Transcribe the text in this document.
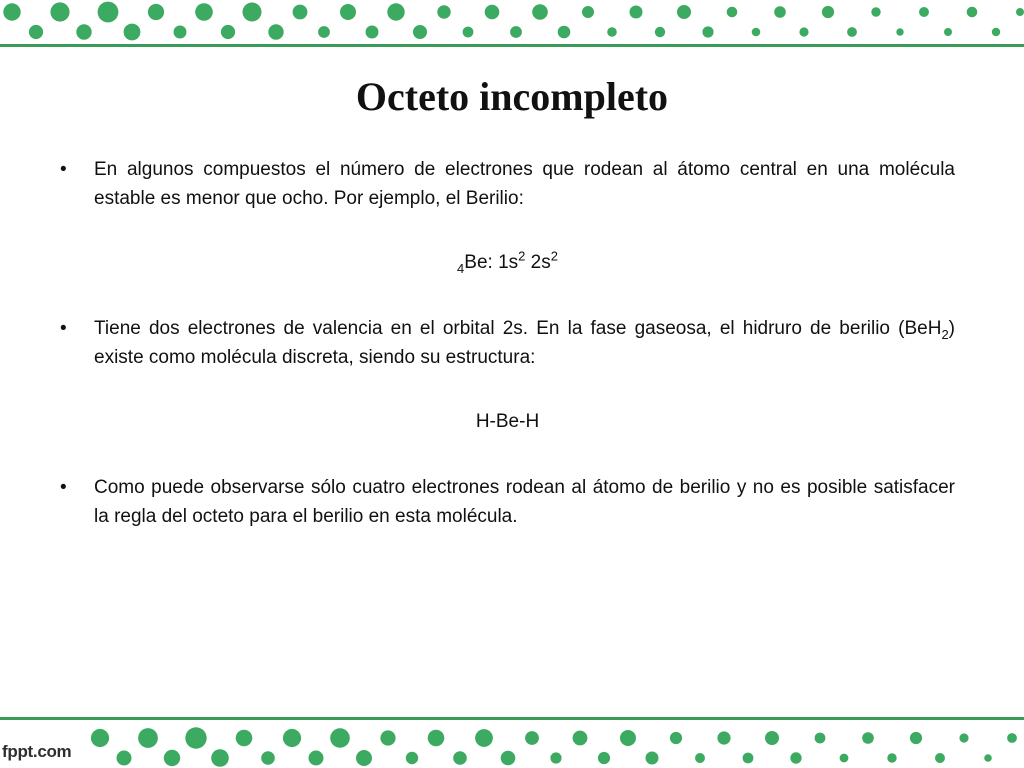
Octeto incompleto
• En algunos compuestos el número de electrones que rodean al átomo central en una molécula estable es menor que ocho. Por ejemplo, el Berilio:
$_4$Be: $1s^2$ $2s^2$
• Tiene dos electrones de valencia en el orbital 2s. En la fase gaseosa, el hidruro de berilio (BeH$_2$) existe como molécula discreta, siendo su estructura:
H-Be-H
• Como puede observarse sólo cuatro electrones rodean al átomo de berilio y no es posible satisfacer la regla del octeto para el berilio en esta molécula.
fppt.com
